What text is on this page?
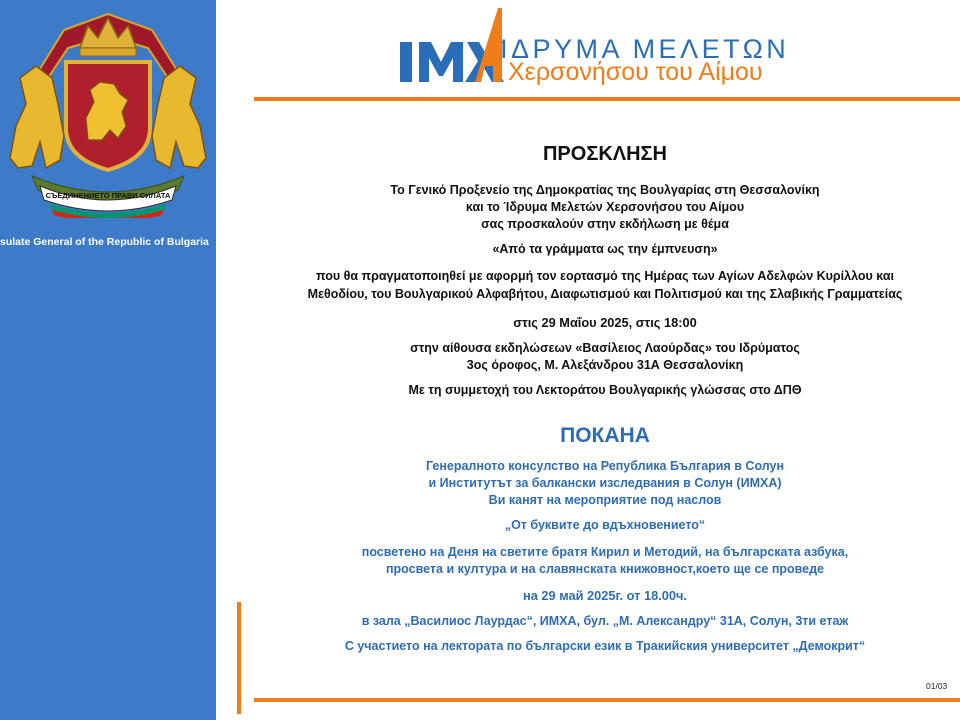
СЪЕДИНЕНИЕТО ПРАВИ СИЛАТА
sulate General of the Republic of Bulgaria
ΙΔΡΥΜΑ ΜΕΛΕΤΩΝ
Χερσονήσου του Αίμου
ΠΡΟΣΚΛΗΣΗ
Το Γενικό Προξενείο της Δημοκρατίας της Βουλγαρίας στη Θεσσαλονίκη
και το Ίδρυμα Μελετών Χερσονήσου του Αίμου
σας προσκαλούν στην εκδήλωση με θέμα
«Από τα γράμματα ως την έμπνευση»
που θα πραγματοποιηθεί με αφορμή τον εορτασμό της Ημέρας των Αγίων Αδελφών Κυρίλλου και
Μεθοδίου, του Βουλγαρικού Αλφαβήτου, Διαφωτισμού και Πολιτισμού και της Σλαβικής Γραμματείας
στις 29 Μαΐου 2025, στις 18:00
στην αίθουσα εκδηλώσεων «Βασίλειος Λαούρδας» του Ιδρύματος
3ος όροφος, Μ. Αλεξάνδρου 31Α Θεσσαλονίκη
Με τη συμμετοχή του Λεκτοράτου Βουλγαρικής γλώσσας στο ΔΠΘ
ПОКАНА
Генералното консулство на Република България в Солун
и Институтът за балкански изследвания в Солун (ИМХА)
Ви канят на мероприятие под наслов
„От буквите до вдъхновението“
посветено на Деня на светите братя Кирил и Методий, на българската азбука,
просвета и култура и на славянската книжовност,което ще се проведе
на 29 май 2025г. от 18.00ч.
в зала „Василиос Лаурдас“, ИМХА, бул. „М. Александру“ 31А, Солун, 3ти етаж
С участието на лектората по български език в Тракийския университет „Демокрит“
01/03
